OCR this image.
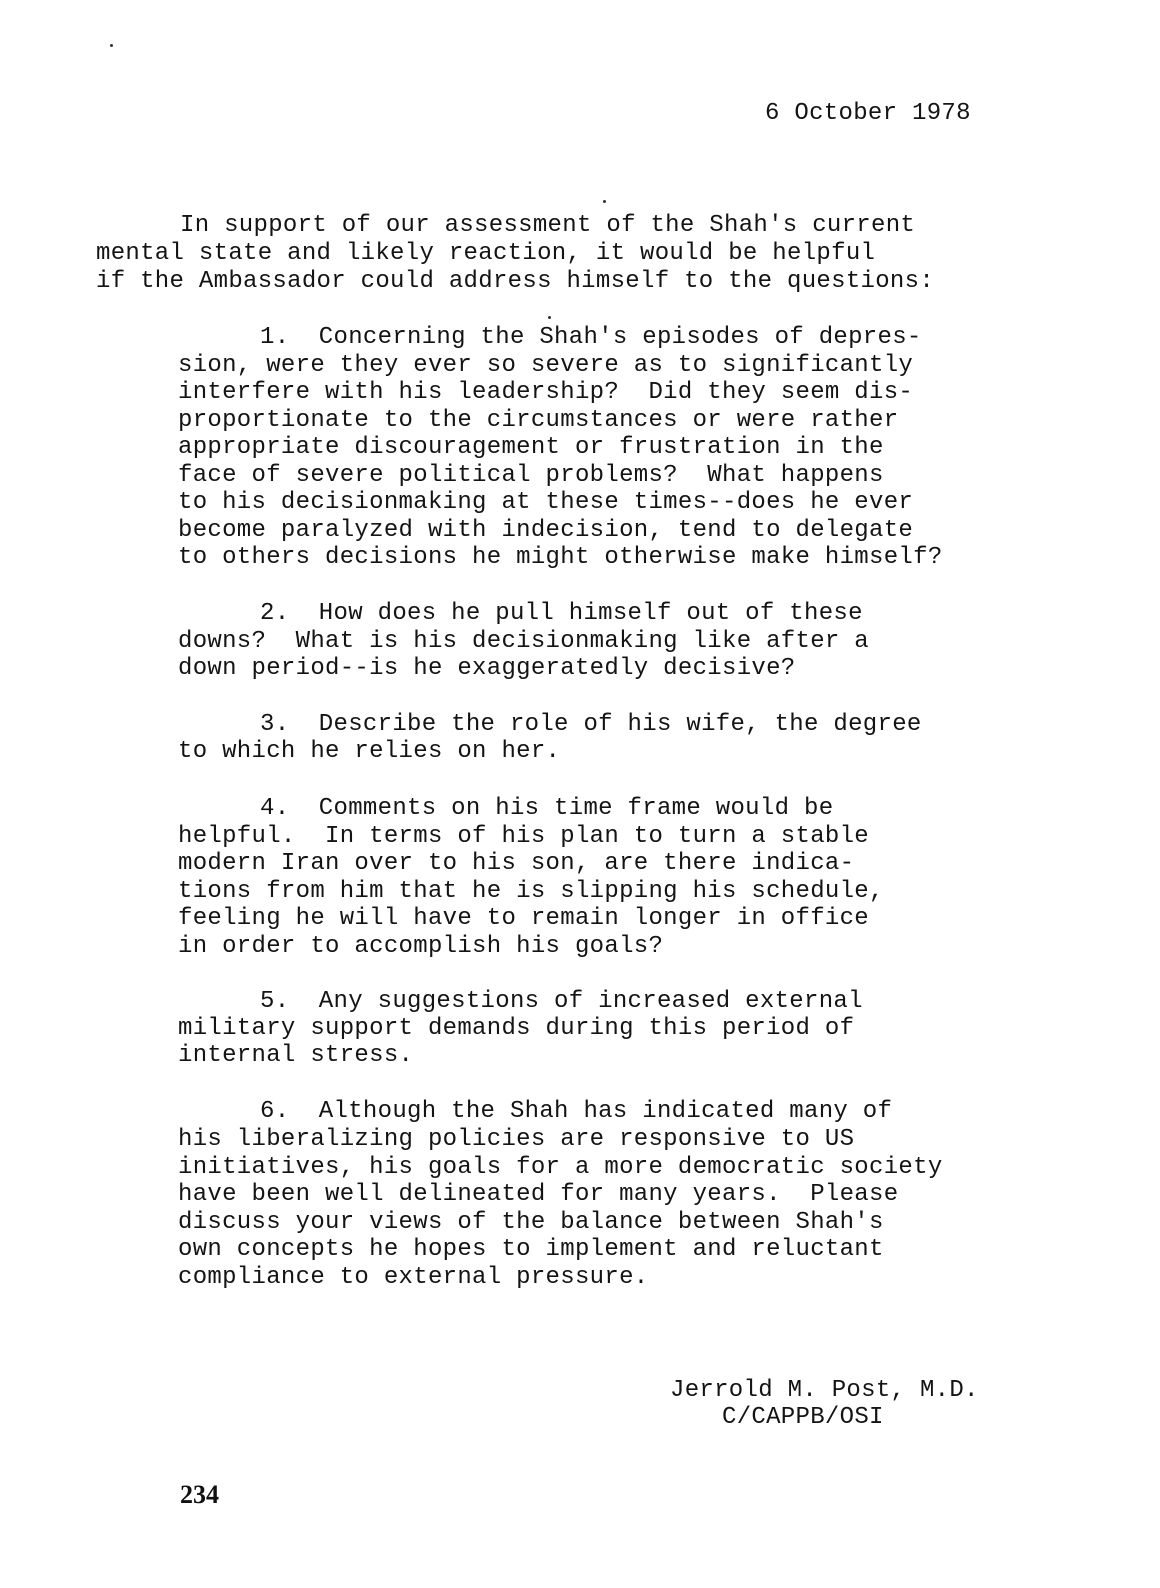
6 October 1978
In support of our assessment of the Shah's current
mental state and likely reaction, it would be helpful
if the Ambassador could address himself to the questions:
1.  Concerning the Shah's episodes of depres-
sion, were they ever so severe as to significantly
interfere with his leadership?  Did they seem dis-
proportionate to the circumstances or were rather
appropriate discouragement or frustration in the
face of severe political problems?  What happens
to his decisionmaking at these times--does he ever
become paralyzed with indecision, tend to delegate
to others decisions he might otherwise make himself?
2.  How does he pull himself out of these
downs?  What is his decisionmaking like after a
down period--is he exaggeratedly decisive?
3.  Describe the role of his wife, the degree
to which he relies on her.
4.  Comments on his time frame would be
helpful.  In terms of his plan to turn a stable
modern Iran over to his son, are there indica-
tions from him that he is slipping his schedule,
feeling he will have to remain longer in office
in order to accomplish his goals?
5.  Any suggestions of increased external
military support demands during this period of
internal stress.
6.  Although the Shah has indicated many of
his liberalizing policies are responsive to US
initiatives, his goals for a more democratic society
have been well delineated for many years.  Please
discuss your views of the balance between Shah's
own concepts he hopes to implement and reluctant
compliance to external pressure.
Jerrold M. Post, M.D.
C/CAPPB/OSI
234
